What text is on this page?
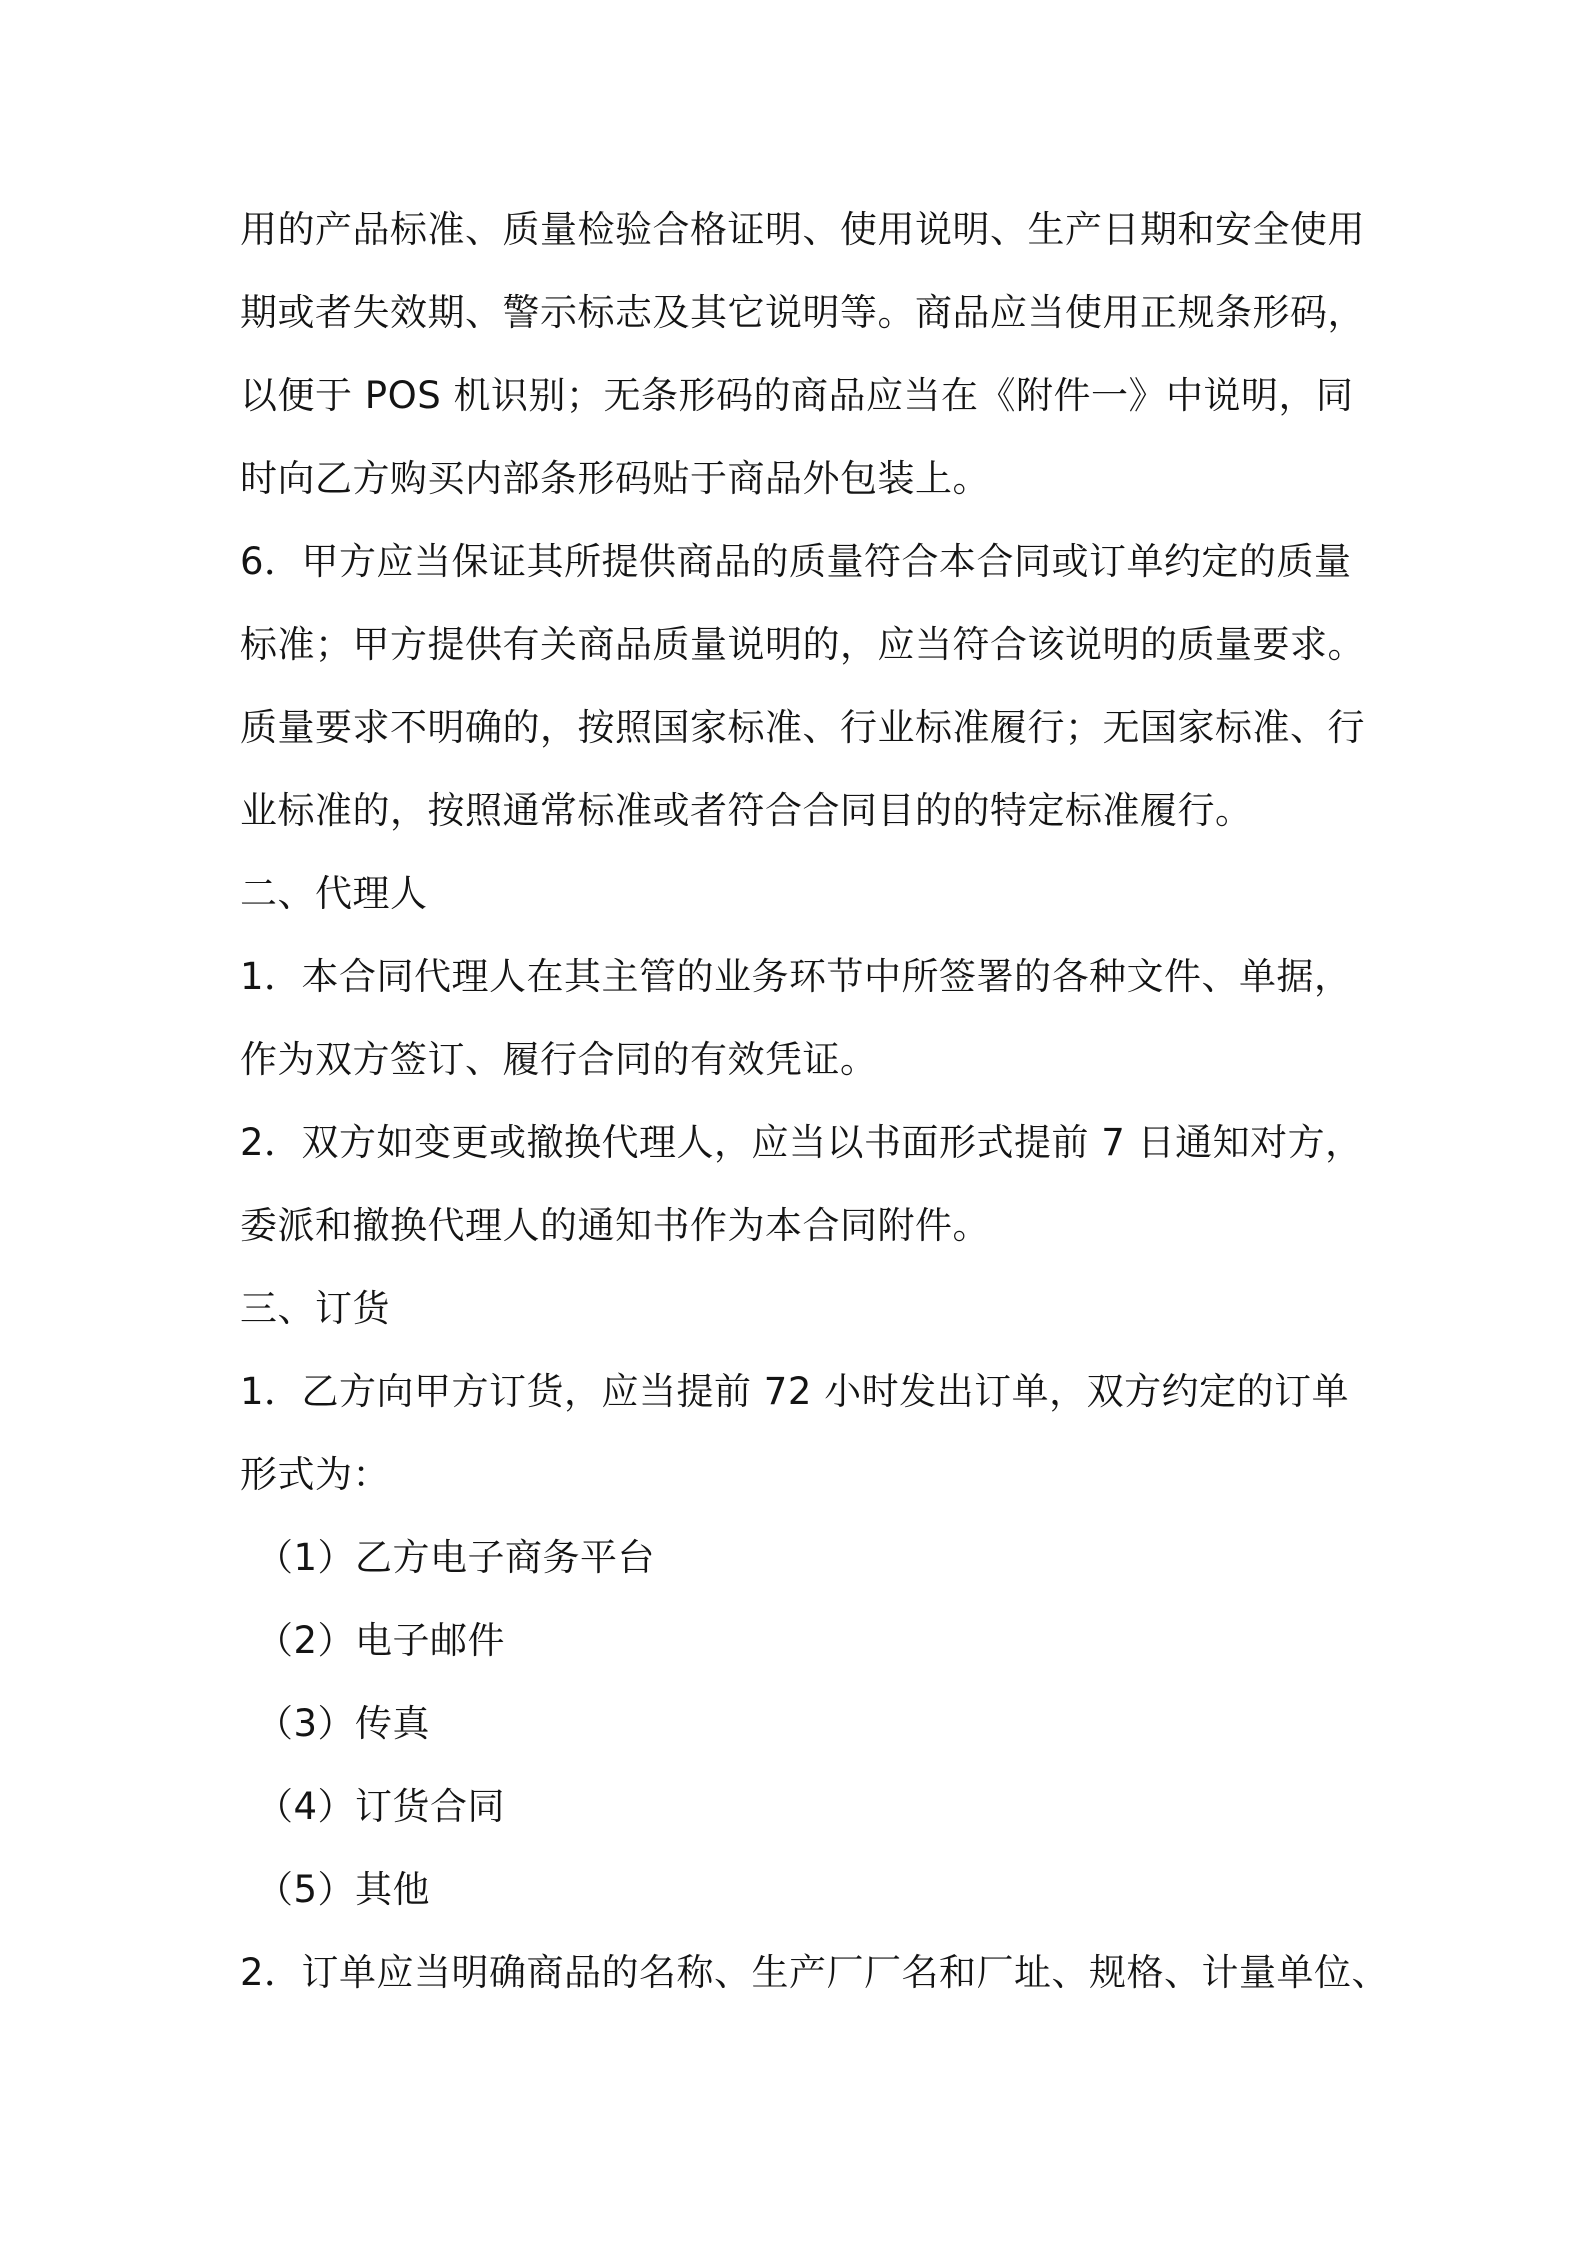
用的产品标准、质量检验合格证明、使用说明、生产日期和安全使用
期或者失效期、警示标志及其它说明等。商品应当使用正规条形码，
以便于 POS 机识别；无条形码的商品应当在《附件一》中说明，同
时向乙方购买内部条形码贴于商品外包装上。
6．甲方应当保证其所提供商品的质量符合本合同或订单约定的质量
标准；甲方提供有关商品质量说明的，应当符合该说明的质量要求。
质量要求不明确的，按照国家标准、行业标准履行；无国家标准、行
业标准的，按照通常标准或者符合合同目的的特定标准履行。
二、代理人
1．本合同代理人在其主管的业务环节中所签署的各种文件、单据，
作为双方签订、履行合同的有效凭证。
2．双方如变更或撤换代理人，应当以书面形式提前 7 日通知对方，
委派和撤换代理人的通知书作为本合同附件。
三、订货
1．乙方向甲方订货，应当提前 72 小时发出订单，双方约定的订单
形式为：
（1）乙方电子商务平台
（2）电子邮件
（3）传真
（4）订货合同
（5）其他
2．订单应当明确商品的名称、生产厂厂名和厂址、规格、计量单位、
